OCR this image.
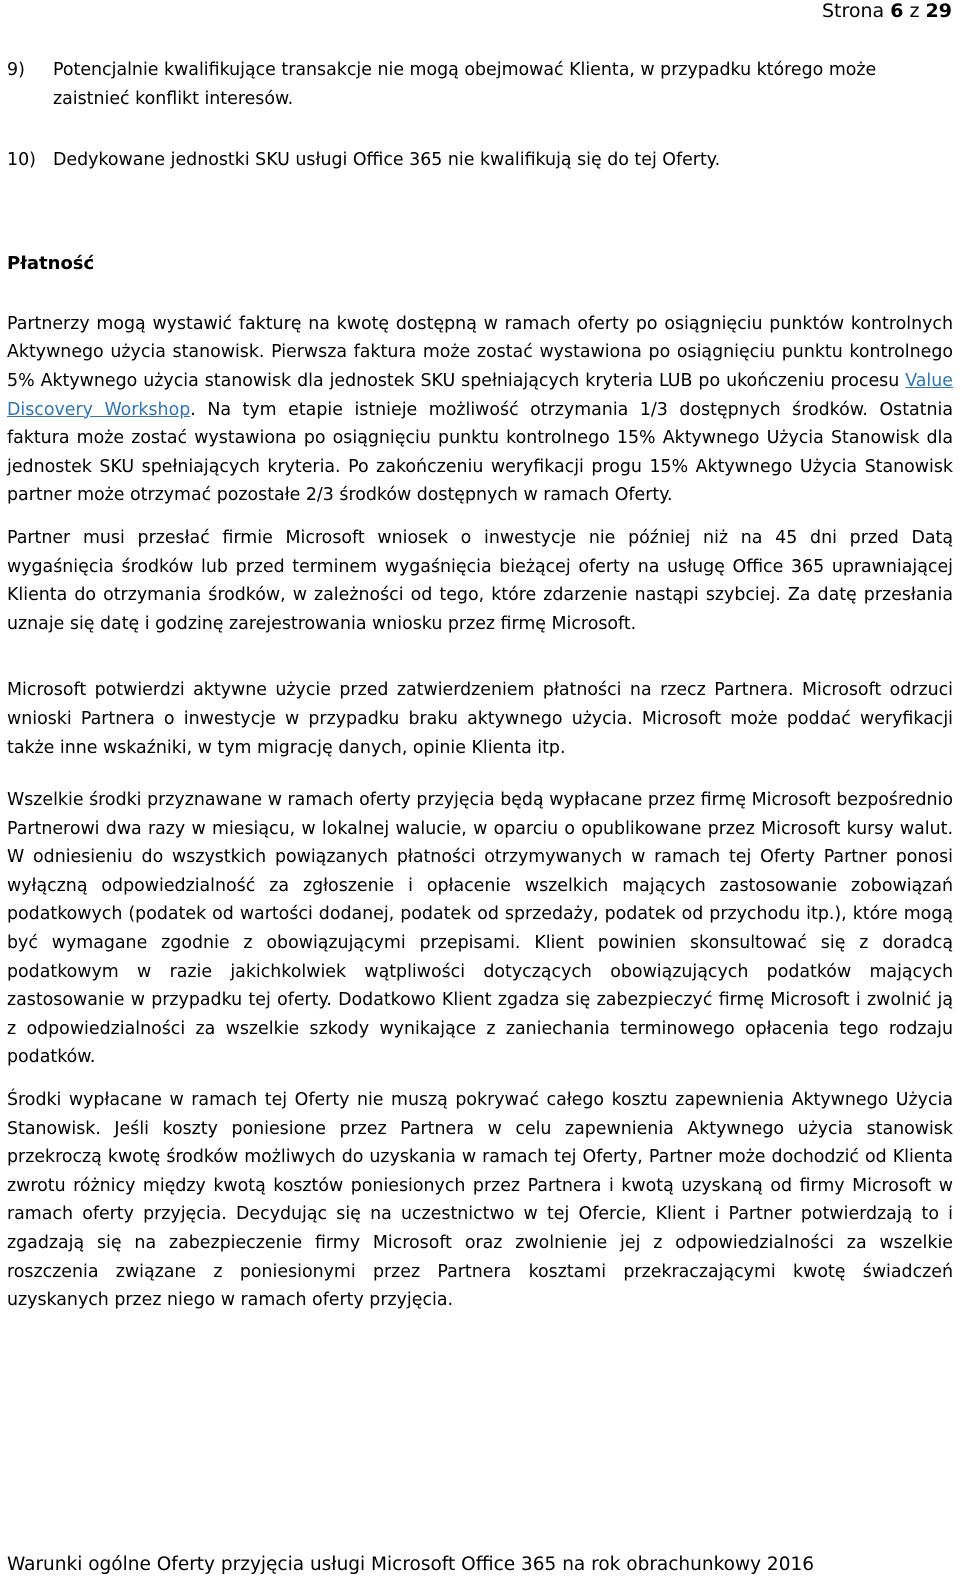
Strona 6 z 29
9)	Potencjalnie kwalifikujące transakcje nie mogą obejmować Klienta, w przypadku którego może zaistnieć konflikt interesów.
10) Dedykowane jednostki SKU usługi Office 365 nie kwalifikują się do tej Oferty.

Płatność

Partnerzy mogą wystawić fakturę na kwotę dostępną w ramach oferty po osiągnięciu punktów kontrolnych Aktywnego użycia stanowisk. Pierwsza faktura może zostać wystawiona po osiągnięciu punktu kontrolnego 5% Aktywnego użycia stanowisk dla jednostek SKU spełniających kryteria LUB po ukończeniu procesu Value Discovery Workshop. Na tym etapie istnieje możliwość otrzymania 1/3 dostępnych środków. Ostatnia faktura może zostać wystawiona po osiągnięciu punktu kontrolnego 15% Aktywnego Użycia Stanowisk dla jednostek SKU spełniających kryteria. Po zakończeniu weryfikacji progu 15% Aktywnego Użycia Stanowisk partner może otrzymać pozostałe 2/3 środków dostępnych w ramach Oferty.

Partner musi przesłać firmie Microsoft wniosek o inwestycje nie później niż na 45 dni przed Datą wygaśnięcia środków lub przed terminem wygaśnięcia bieżącej oferty na usługę Office 365 uprawniającej Klienta do otrzymania środków, w zależności od tego, które zdarzenie nastąpi szybciej. Za datę przesłania uznaje się datę i godzinę zarejestrowania wniosku przez firmę Microsoft.

Microsoft potwierdzi aktywne użycie przed zatwierdzeniem płatności na rzecz Partnera. Microsoft odrzuci wnioski Partnera o inwestycje w przypadku braku aktywnego użycia. Microsoft może poddać weryfikacji także inne wskaźniki, w tym migrację danych, opinie Klienta itp.

Wszelkie środki przyznawane w ramach oferty przyjęcia będą wypłacane przez firmę Microsoft bezpośrednio Partnerowi dwa razy w miesiącu, w lokalnej walucie, w oparciu o opublikowane przez Microsoft kursy walut. W odniesieniu do wszystkich powiązanych płatności otrzymywanych w ramach tej Oferty Partner ponosi wyłączną odpowiedzialność za zgłoszenie i opłacenie wszelkich mających zastosowanie zobowiązań podatkowych (podatek od wartości dodanej, podatek od sprzedaży, podatek od przychodu itp.), które mogą być wymagane zgodnie z obowiązującymi przepisami. Klient powinien skonsultować się z doradcą podatkowym w razie jakichkolwiek wątpliwości dotyczących obowiązujących podatków mających zastosowanie w przypadku tej oferty. Dodatkowo Klient zgadza się zabezpieczyć firmę Microsoft i zwolnić ją z odpowiedzialności za wszelkie szkody wynikające z zaniechania terminowego opłacenia tego rodzaju podatków.

Środki wypłacane w ramach tej Oferty nie muszą pokrywać całego kosztu zapewnienia Aktywnego Użycia Stanowisk. Jeśli koszty poniesione przez Partnera w celu zapewnienia Aktywnego użycia stanowisk przekroczą kwotę środków możliwych do uzyskania w ramach tej Oferty, Partner może dochodzić od Klienta zwrotu różnicy między kwotą kosztów poniesionych przez Partnera i kwotą uzyskaną od firmy Microsoft w ramach oferty przyjęcia. Decydując się na uczestnictwo w tej Ofercie, Klient i Partner potwierdzają to i zgadzają się na zabezpieczenie firmy Microsoft oraz zwolnienie jej z odpowiedzialności za wszelkie roszczenia związane z poniesionymi przez Partnera kosztami przekraczającymi kwotę świadczeń uzyskanych przez niego w ramach oferty przyjęcia.

Warunki ogólne Oferty przyjęcia usługi Microsoft Office 365 na rok obrachunkowy 2016
